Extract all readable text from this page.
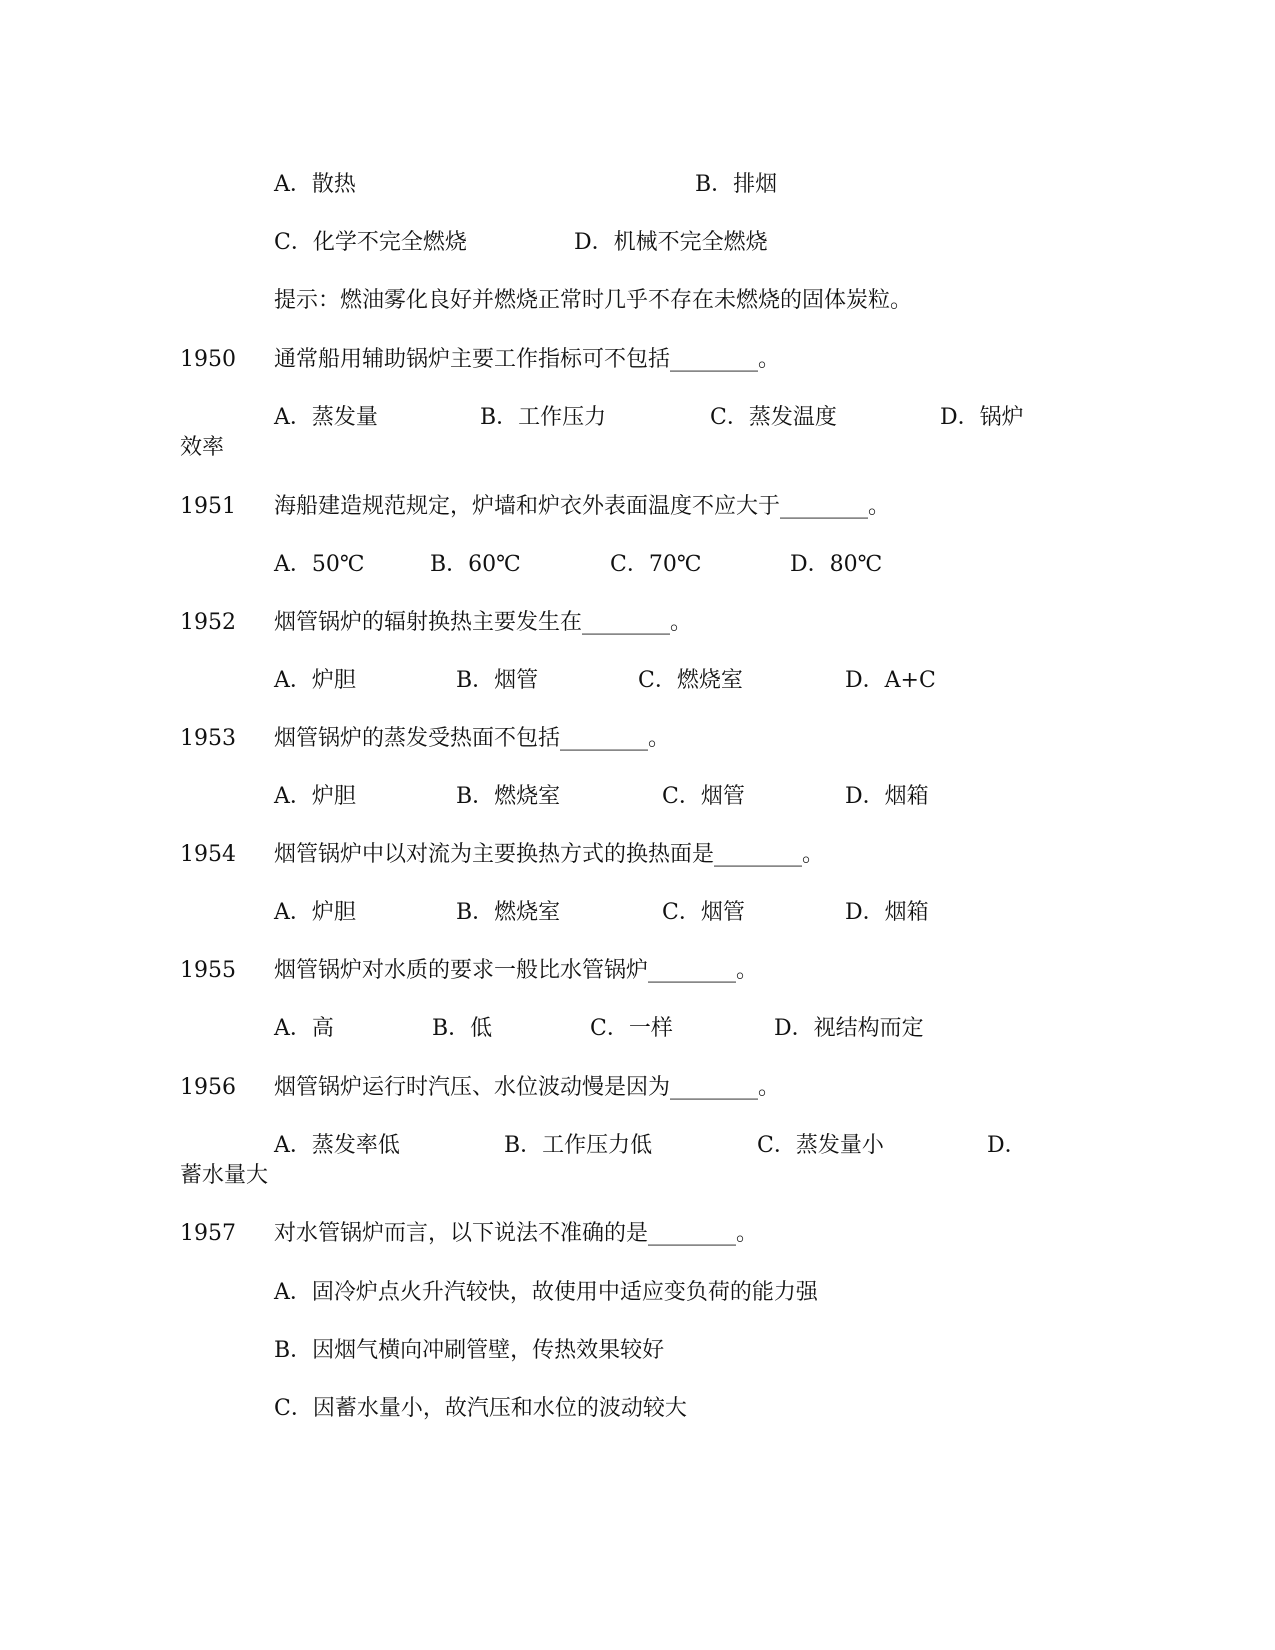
A．散热	B．排烟
C．化学不完全燃烧	D．机械不完全燃烧
提示：燃油雾化良好并燃烧正常时几乎不存在未燃烧的固体炭粒。
1950 通常船用辅助锅炉主要工作指标可不包括________。
A．蒸发量	B．工作压力	C．蒸发温度	D．锅炉
效率
1951 海船建造规范规定，炉墙和炉衣外表面温度不应大于________。
A．50℃	B．60℃	C．70℃	D．80℃
1952 烟管锅炉的辐射换热主要发生在________。
A．炉胆	B．烟管	C．燃烧室	D．A+C
1953 烟管锅炉的蒸发受热面不包括________。
A．炉胆	B．燃烧室	C．烟管	D．烟箱
1954 烟管锅炉中以对流为主要换热方式的换热面是________。
A．炉胆	B．燃烧室	C．烟管	D．烟箱
1955 烟管锅炉对水质的要求一般比水管锅炉________。
A．高	B．低	C．一样	D．视结构而定
1956 烟管锅炉运行时汽压、水位波动慢是因为________。
A．蒸发率低	B．工作压力低	C．蒸发量小	D．
蓄水量大
1957 对水管锅炉而言，以下说法不准确的是________。
A．固冷炉点火升汽较快，故使用中适应变负荷的能力强
B．因烟气横向冲刷管壁，传热效果较好
C．因蓄水量小，故汽压和水位的波动较大
